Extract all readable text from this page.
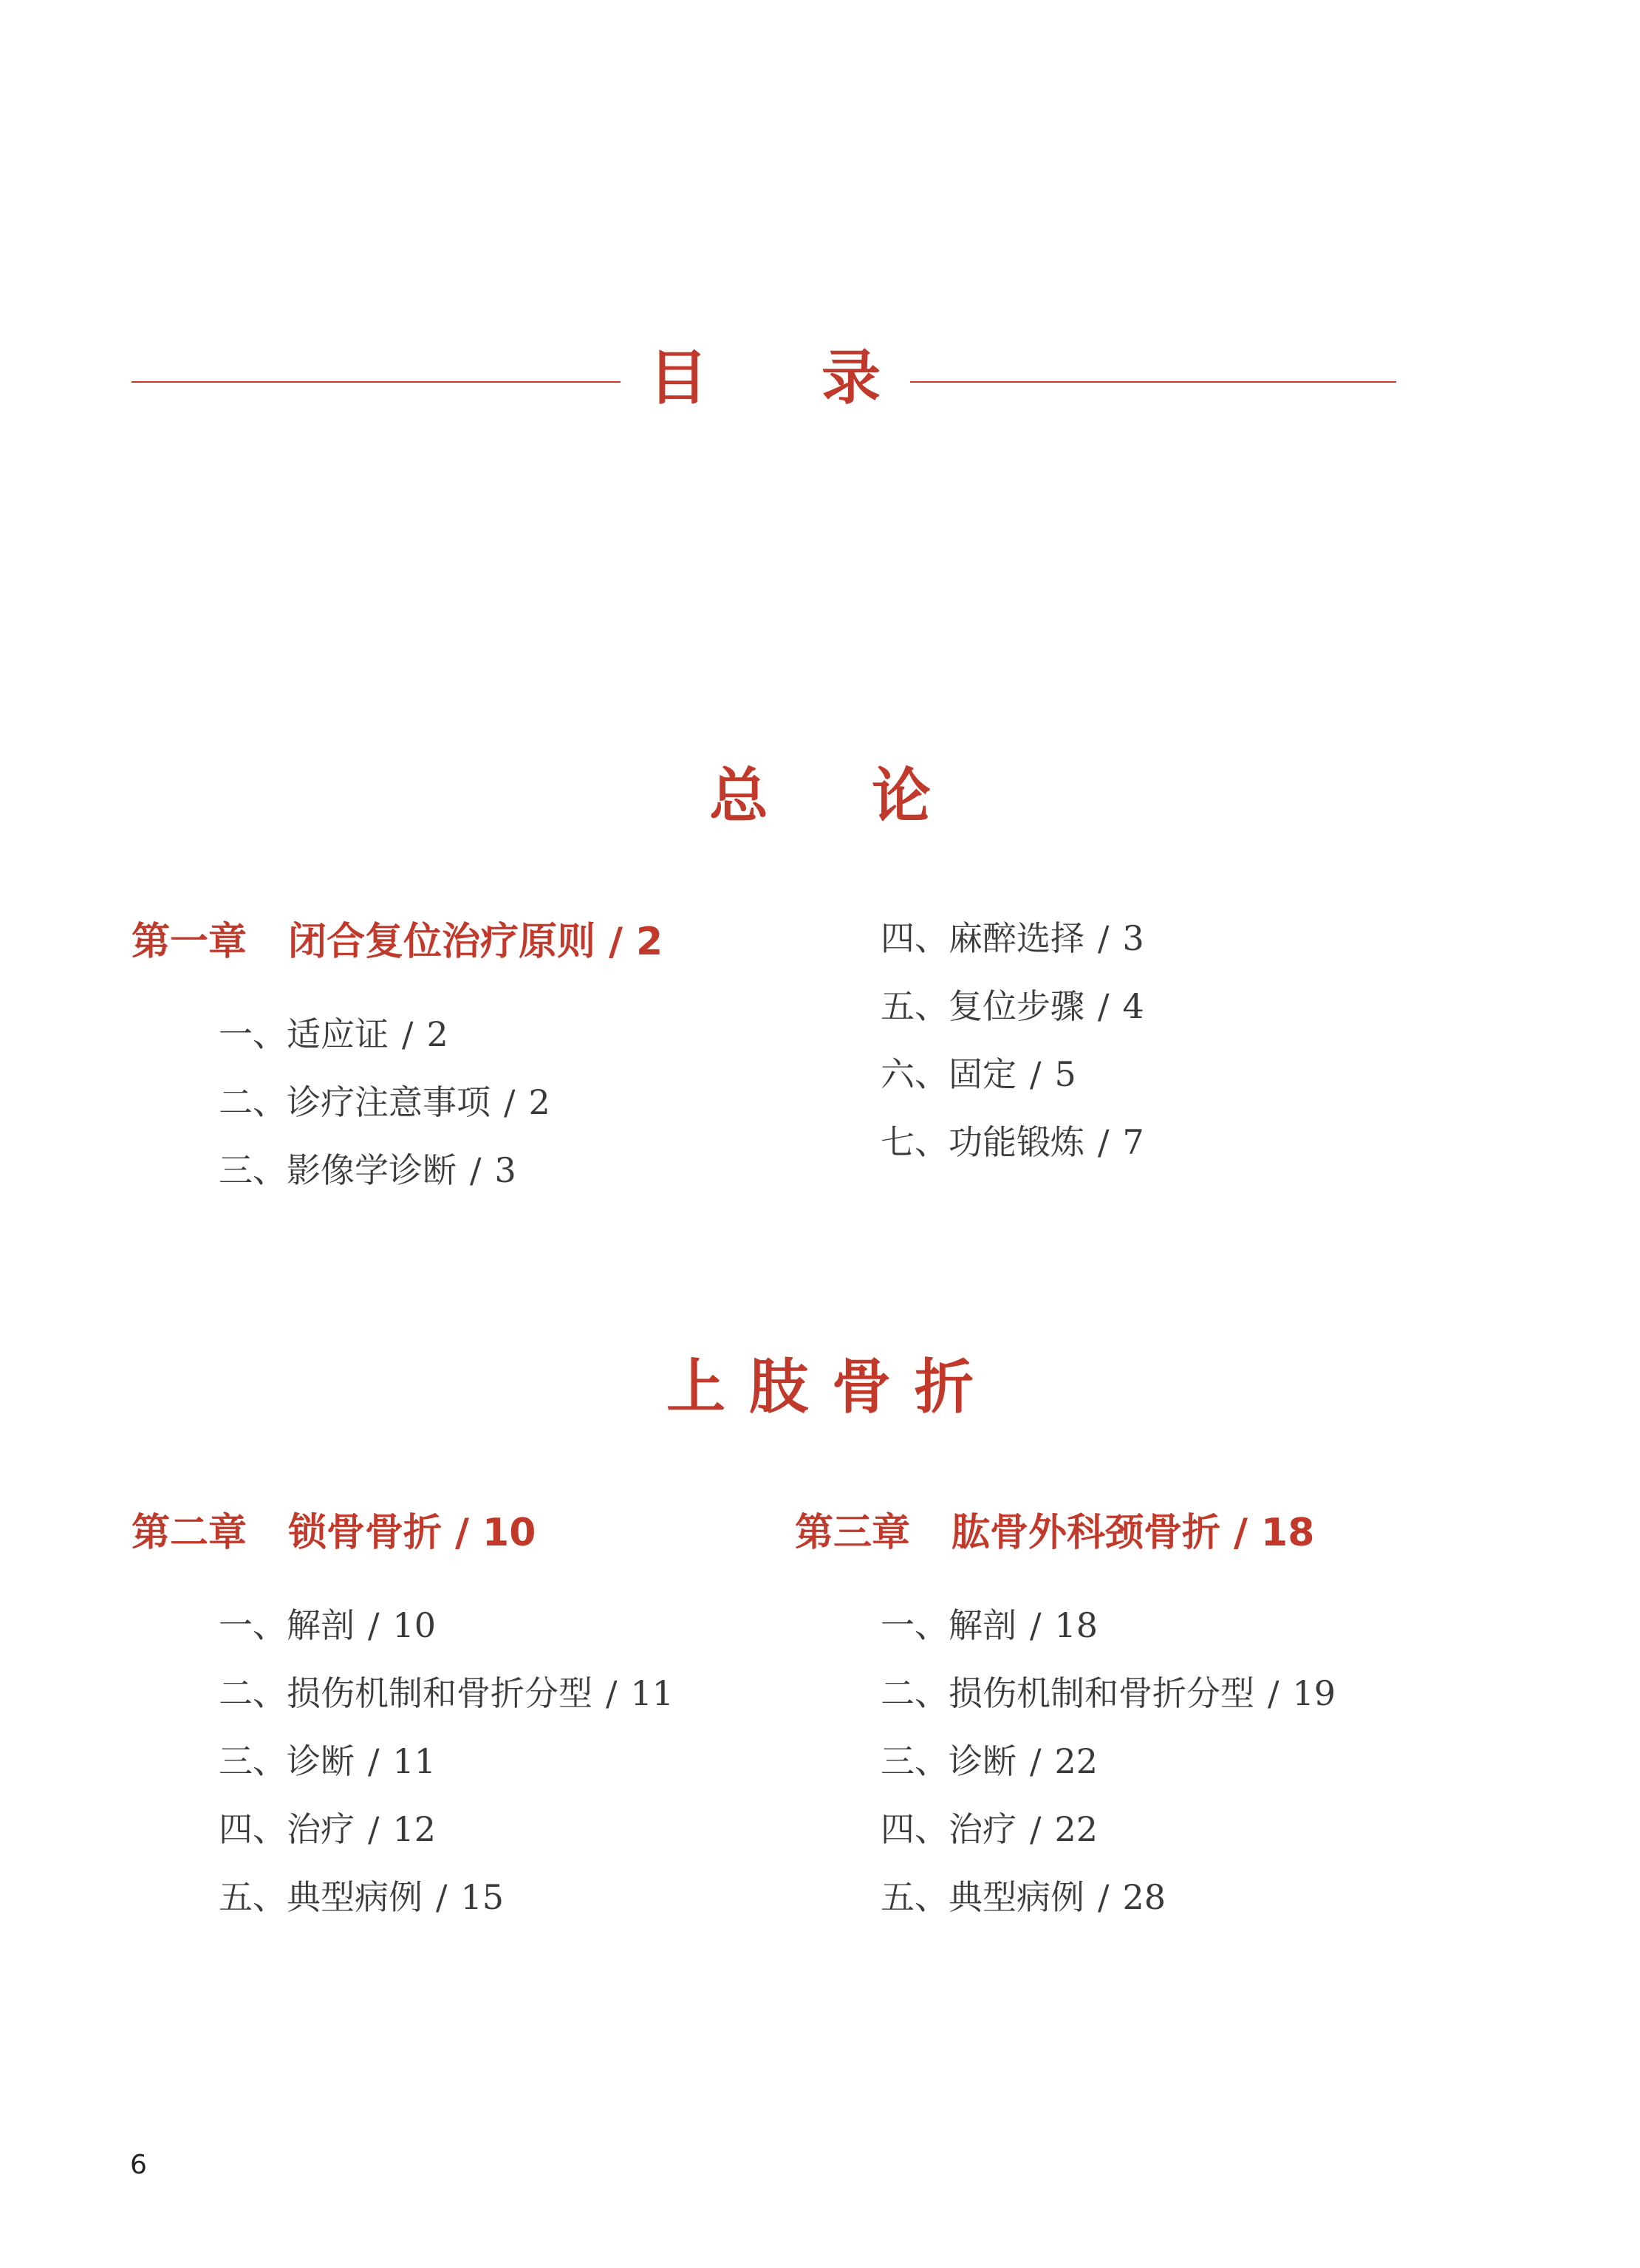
目 录
总 论
第一章 闭合复位治疗原则 / 2
一、适应证 / 2
二、诊疗注意事项 / 2
三、影像学诊断 / 3
四、麻醉选择 / 3
五、复位步骤 / 4
六、固定 / 5
七、功能锻炼 / 7
上肢骨折
第二章 锁骨骨折 / 10
一、解剖 / 10
二、损伤机制和骨折分型 / 11
三、诊断 / 11
四、治疗 / 12
五、典型病例 / 15
第三章 肱骨外科颈骨折 / 18
一、解剖 / 18
二、损伤机制和骨折分型 / 19
三、诊断 / 22
四、治疗 / 22
五、典型病例 / 28
6
